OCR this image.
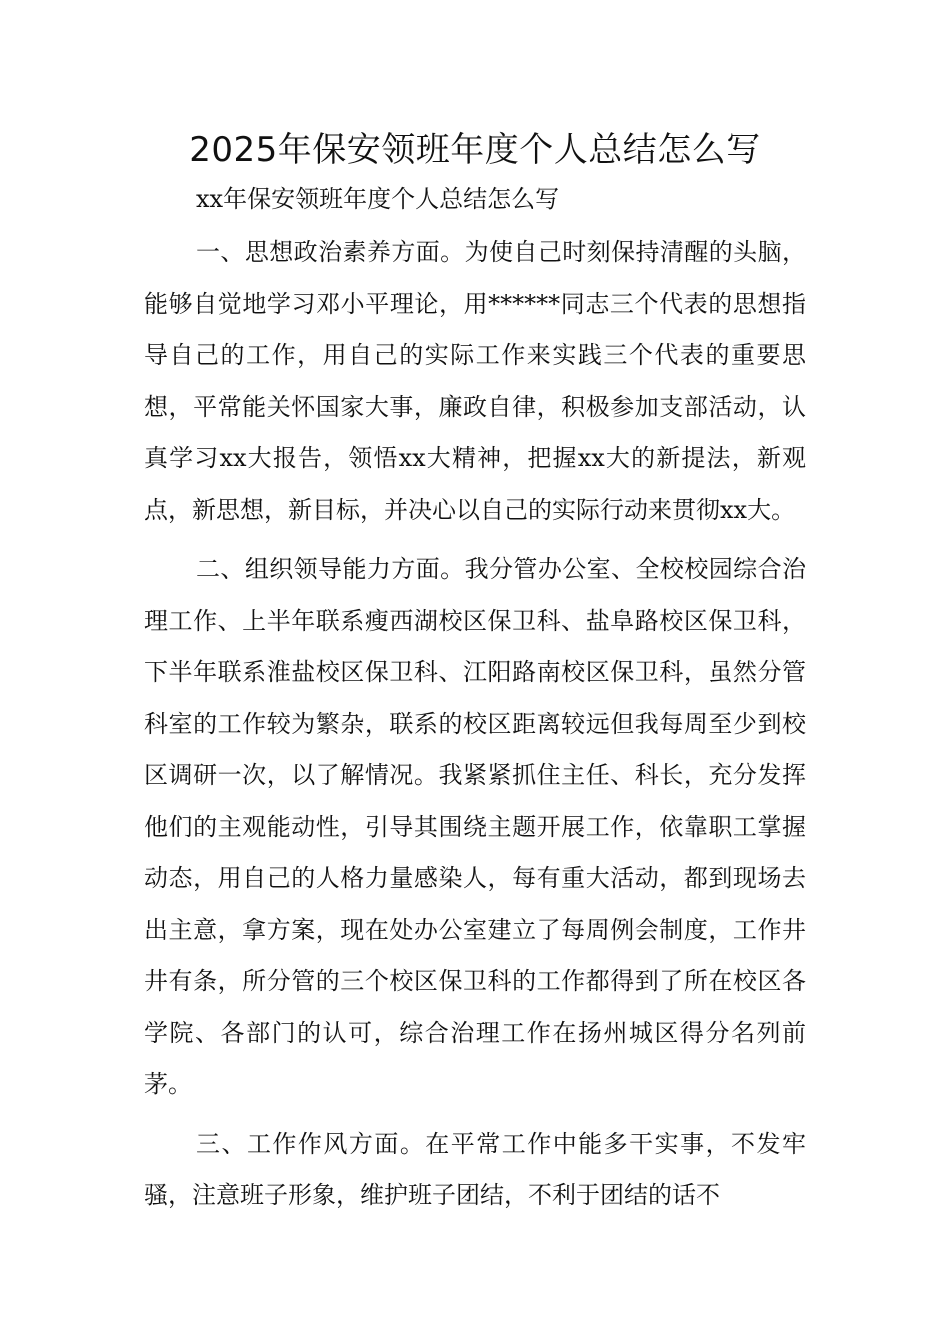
2025年保安领班年度个人总结怎么写

xx年保安领班年度个人总结怎么写

一、思想政治素养方面。为使自己时刻保持清醒的头脑，能够自觉地学习邓小平理论，用******同志三个代表的思想指导自己的工作，用自己的实际工作来实践三个代表的重要思想，平常能关怀国家大事，廉政自律，积极参加支部活动，认真学习xx大报告，领悟xx大精神，把握xx大的新提法，新观点，新思想，新目标，并决心以自己的实际行动来贯彻xx大。

二、组织领导能力方面。我分管办公室、全校校园综合治理工作、上半年联系瘦西湖校区保卫科、盐阜路校区保卫科，下半年联系淮盐校区保卫科、江阳路南校区保卫科，虽然分管科室的工作较为繁杂，联系的校区距离较远但我每周至少到校区调研一次，以了解情况。我紧紧抓住主任、科长，充分发挥他们的主观能动性，引导其围绕主题开展工作，依靠职工掌握动态，用自己的人格力量感染人，每有重大活动，都到现场去出主意，拿方案，现在处办公室建立了每周例会制度，工作井井有条，所分管的三个校区保卫科的工作都得到了所在校区各学院、各部门的认可，综合治理工作在扬州城区得分名列前茅。

三、工作作风方面。在平常工作中能多干实事，不发牢骚，注意班子形象，维护班子团结，不利于团结的话不
